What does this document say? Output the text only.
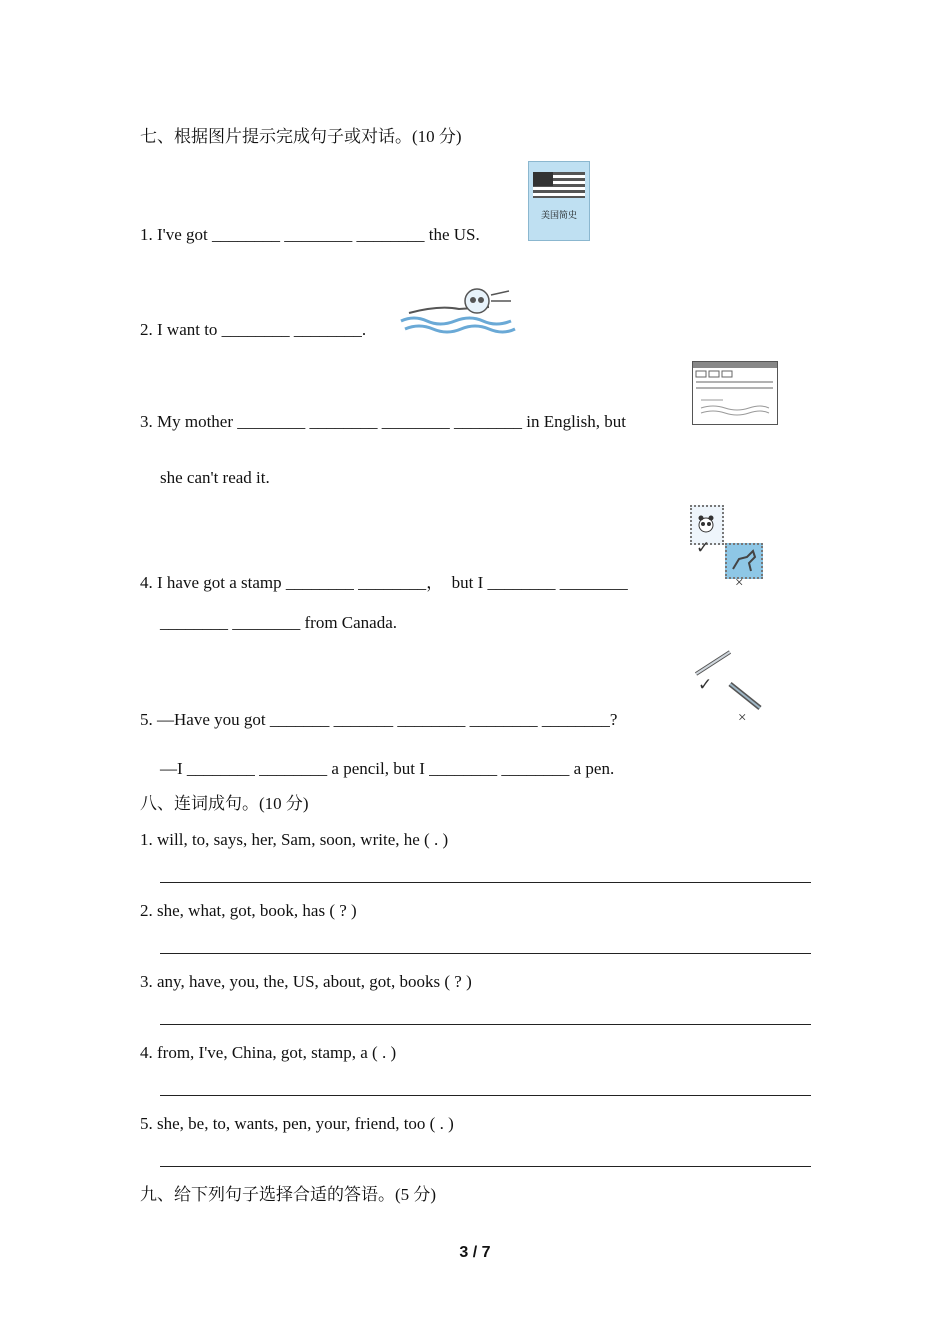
七、根据图片提示完成句子或对话。(10 分)
1. I've got ________ ________ ________ the US.
美国简史
2. I want to ________ ________.
3. My mother ________ ________ ________ ________ in English, but
she can't read it.
4. I have got a stamp ________ ________，  but I ________ ________
________ ________ from Canada.
✓
×
5. —Have you got _______ _______ ________ ________ ________?
—I ________ ________ a pencil, but I ________ ________ a pen.
✓
×
八、连词成句。(10 分)
1. will, to, says, her, Sam, soon, write, he ( . )
2. she, what, got, book, has ( ? )
3. any, have, you, the, US, about, got, books ( ? )
4. from, I've, China, got, stamp, a ( . )
5. she, be, to, wants, pen, your, friend, too ( . )
九、给下列句子选择合适的答语。(5 分)
3 / 7
